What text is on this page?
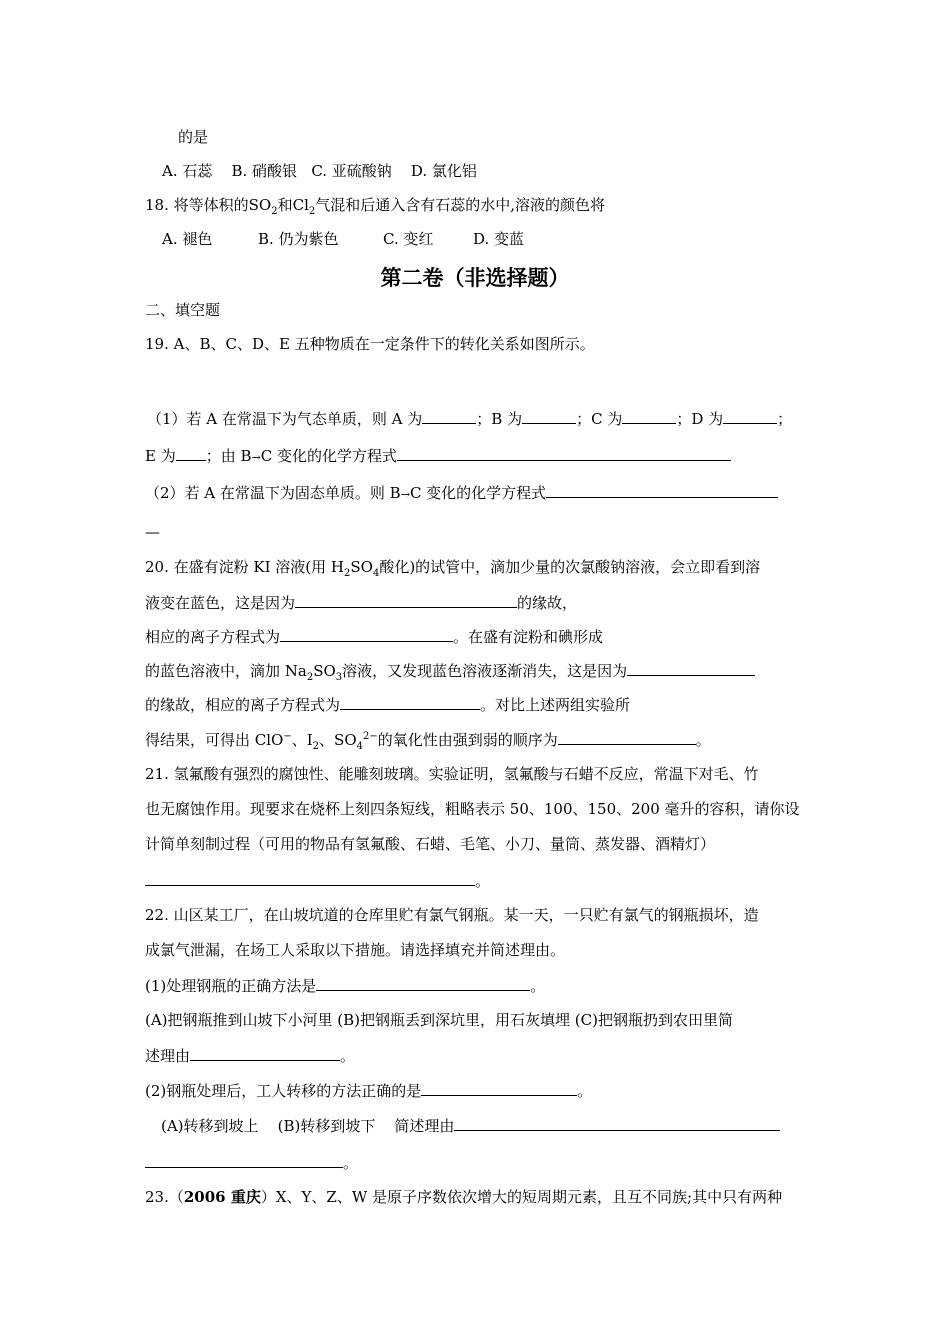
的是
A. 石蕊 B. 硝酸银 C. 亚硫酸钠 D. 氯化铝
18. 将等体积的$SO_2$和$Cl_2$气混和后通入含有石蕊的水中,溶液的颜色将
A. 褪色	B. 仍为紫色	C. 变红	D. 变蓝
第二卷（非选择题）
二、填空题
19. A、B、C、D、E 五种物质在一定条件下的转化关系如图所示。
（1）若 A 在常温下为气态单质，则 A 为	；B 为	；C 为	；D 为	；
E 为 ；由 B→C 变化的化学方程式
（2）若 A 在常温下为固态单质。则 B→C 变化的化学方程式
—
20. 在盛有淀粉 KI 溶液(用 $H_2SO_4$酸化)的试管中，滴加少量的次氯酸钠溶液，会立即看到溶
液变在蓝色，这是因为	的缘故，
相应的离子方程式为	。在盛有淀粉和碘形成
的蓝色溶液中，滴加 $Na_2SO_3$溶液，又发现蓝色溶液逐渐消失，这是因为
的缘故，相应的离子方程式为	。对比上述两组实验所
得结果，可得出 ClO−、$I_2$、$SO_4^{2-}$的氧化性由强到弱的顺序为	。
21. 氢氟酸有强烈的腐蚀性、能雕刻玻璃。实验证明，氢氟酸与石蜡不反应，常温下对毛、竹
也无腐蚀作用。现要求在烧杯上刻四条短线，粗略表示 50、100、150、200 毫升的容积，请你设
计简单刻制过程（可用的物品有氢氟酸、石蜡、毛笔、小刀、量筒、蒸发器、酒精灯）
。
22. 山区某工厂，在山坡坑道的仓库里贮有氯气钢瓶。某一天，一只贮有氯气的钢瓶损坏，造
成氯气泄漏，在场工人采取以下措施。请选择填充并简述理由。
(1)处理钢瓶的正确方法是	。
(A)把钢瓶推到山坡下小河里 (B)把钢瓶丢到深坑里，用石灰填埋 (C)把钢瓶扔到农田里简
述理由	。
(2)钢瓶处理后，工人转移的方法正确的是	。
(A)转移到坡上    (B)转移到坡下    简述理由
。
23.（2006 重庆）X、Y、Z、W 是原子序数依次增大的短周期元素，且互不同族;其中只有两种
